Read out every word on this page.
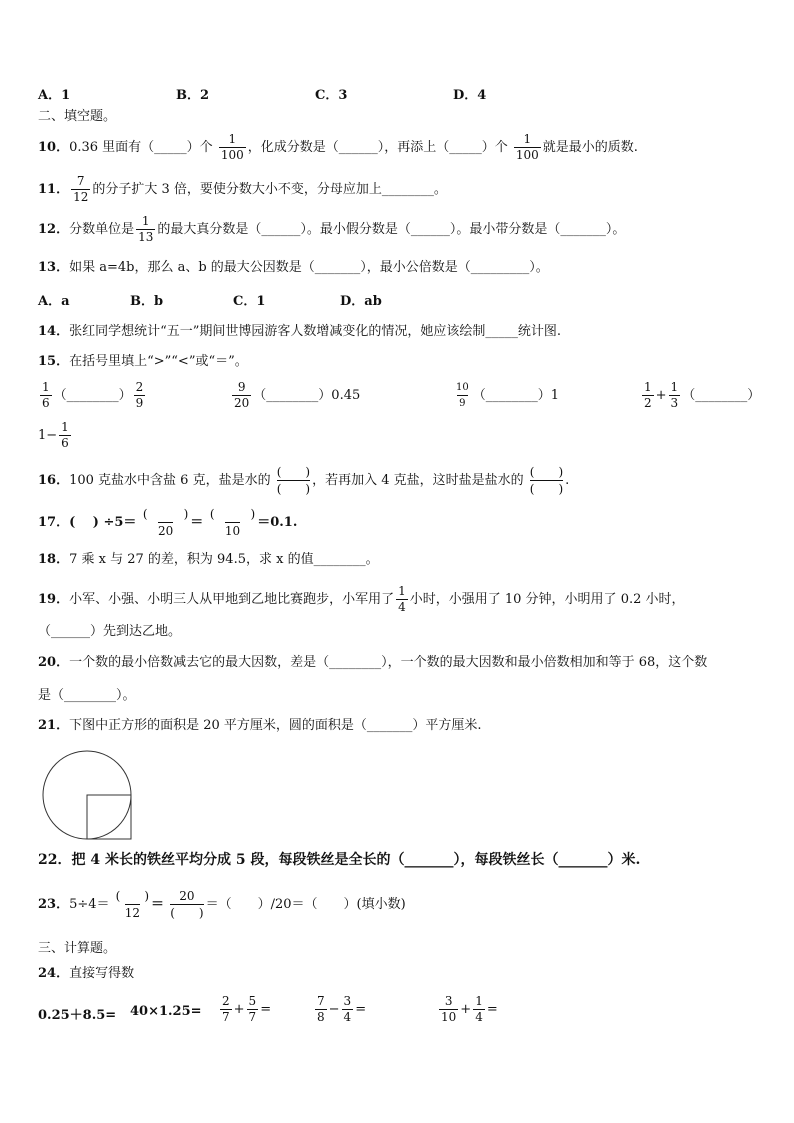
A．1	B．2	C．3	D．4
二、填空题。
10．0.36 里面有（_____）个 $\frac{1}{100}$ ，化成分数是（______），再添上（_____）个 $\frac{1}{100}$ 就是最小的质数.
11． $\frac{7}{12}$ 的分子扩大 3 倍，要使分数大小不变，分母应加上________。
12．分数单位是 $\frac{1}{13}$ 的最大真分数是（______）。最小假分数是（______）。最小带分数是（_______）。
13．如果 a=4b，那么 a、b 的最大公因数是（_______），最小公倍数是（_________）。
A．a	B．b	C．1	D．ab
14．张红同学想统计“五一”期间世博园游客人数增减变化的情况，她应该绘制_____统计图.
15．在括号里填上“>”“<”或“＝”。
$\frac{1}{6}$ （________） $\frac{2}{9}$	$\frac{9}{20}$ （________）0.45	$\frac{10}{9}$ （________）1	$\frac{1}{2} + \frac{1}{3}$ （________）
$1- \frac{1}{6}$
16．100 克盐水中含盐 6 克，盐是水的
(　　)
(　　)
，若再加入 4 克盐，这时盐是盐水的
(　　)
(　　)
.
17．(　 ) ÷5＝
(　　　)
20
＝
(　　　)
10
＝0.1.
18．7 乘 x 与 27 的差，积为 94.5，求 x 的值________。
19．小军、小强、小明三人从甲地到乙地比赛跑步，小军用了 $\frac{1}{4}$ 小时，小强用了 10 分钟，小明用了 0.2 小时，
（______）先到达乙地。
20．一个数的最小倍数减去它的最大因数，差是（________），一个数的最大因数和最小倍数相加和等于 68，这个数
是（________）。
21．下图中正方形的面积是 20 平方厘米，圆的面积是（_______）平方厘米.
22．把 4 米长的铁丝平均分成 5 段，每段铁丝是全长的（_______），每段铁丝长（_______）米.
23．5÷4＝
(　　)
12
＝
20
(　　)
＝（　　）/20＝（　　）(填小数)
三、计算题。
24．直接写得数
$0.25+8.5= 40\times 1.25= \frac{2}{7} + \frac{5}{7}$ =	$\frac{7}{8} - \frac{3}{4}$ =	$\frac{3}{10} + \frac{1}{4}$ =
